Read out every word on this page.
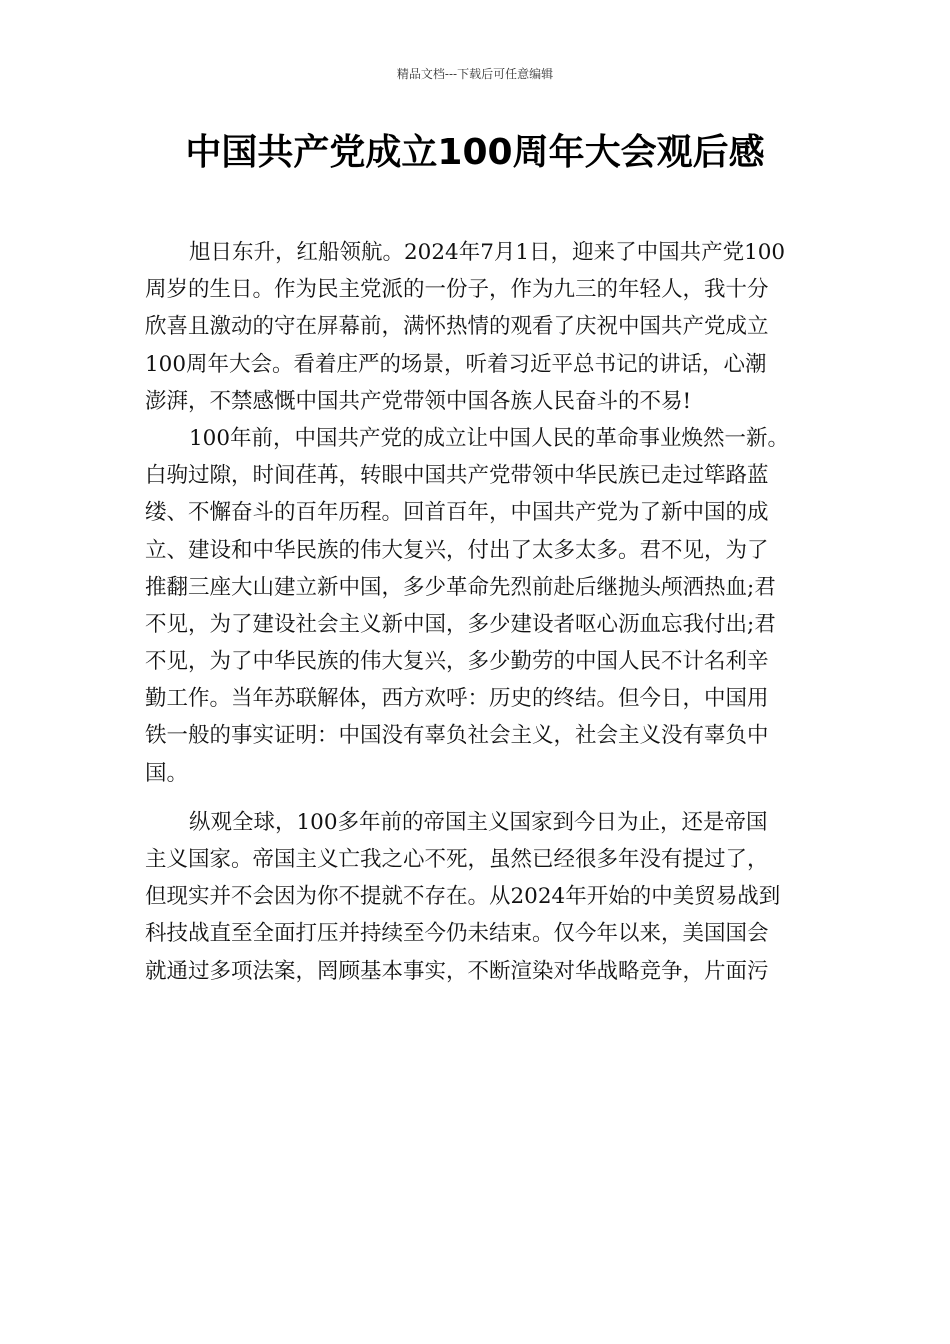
精品文档---下载后可任意编辑
中国共产党成立100周年大会观后感

旭日东升，红船领航。2024年7月1日，迎来了中国共产党100

周岁的生日。作为民主党派的一份子，作为九三的年轻人，我十分

欣喜且激动的守在屏幕前，满怀热情的观看了庆祝中国共产党成立

100周年大会。看着庄严的场景，听着习近平总书记的讲话，心潮

澎湃，不禁感慨中国共产党带领中国各族人民奋斗的不易!

100年前，中国共产党的成立让中国人民的革命事业焕然一新。

白驹过隙，时间荏苒，转眼中国共产党带领中华民族已走过筚路蓝

缕、不懈奋斗的百年历程。回首百年，中国共产党为了新中国的成

立、建设和中华民族的伟大复兴，付出了太多太多。君不见，为了

推翻三座大山建立新中国，多少革命先烈前赴后继抛头颅洒热血;君

不见，为了建设社会主义新中国，多少建设者呕心沥血忘我付出;君

不见，为了中华民族的伟大复兴，多少勤劳的中国人民不计名利辛

勤工作。当年苏联解体，西方欢呼：历史的终结。但今日，中国用

铁一般的事实证明：中国没有辜负社会主义，社会主义没有辜负中

国。

纵观全球，100多年前的帝国主义国家到今日为止，还是帝国

主义国家。帝国主义亡我之心不死，虽然已经很多年没有提过了，

但现实并不会因为你不提就不存在。从2024年开始的中美贸易战到

科技战直至全面打压并持续至今仍未结束。仅今年以来，美国国会

就通过多项法案，罔顾基本事实，不断渲染对华战略竞争，片面污
